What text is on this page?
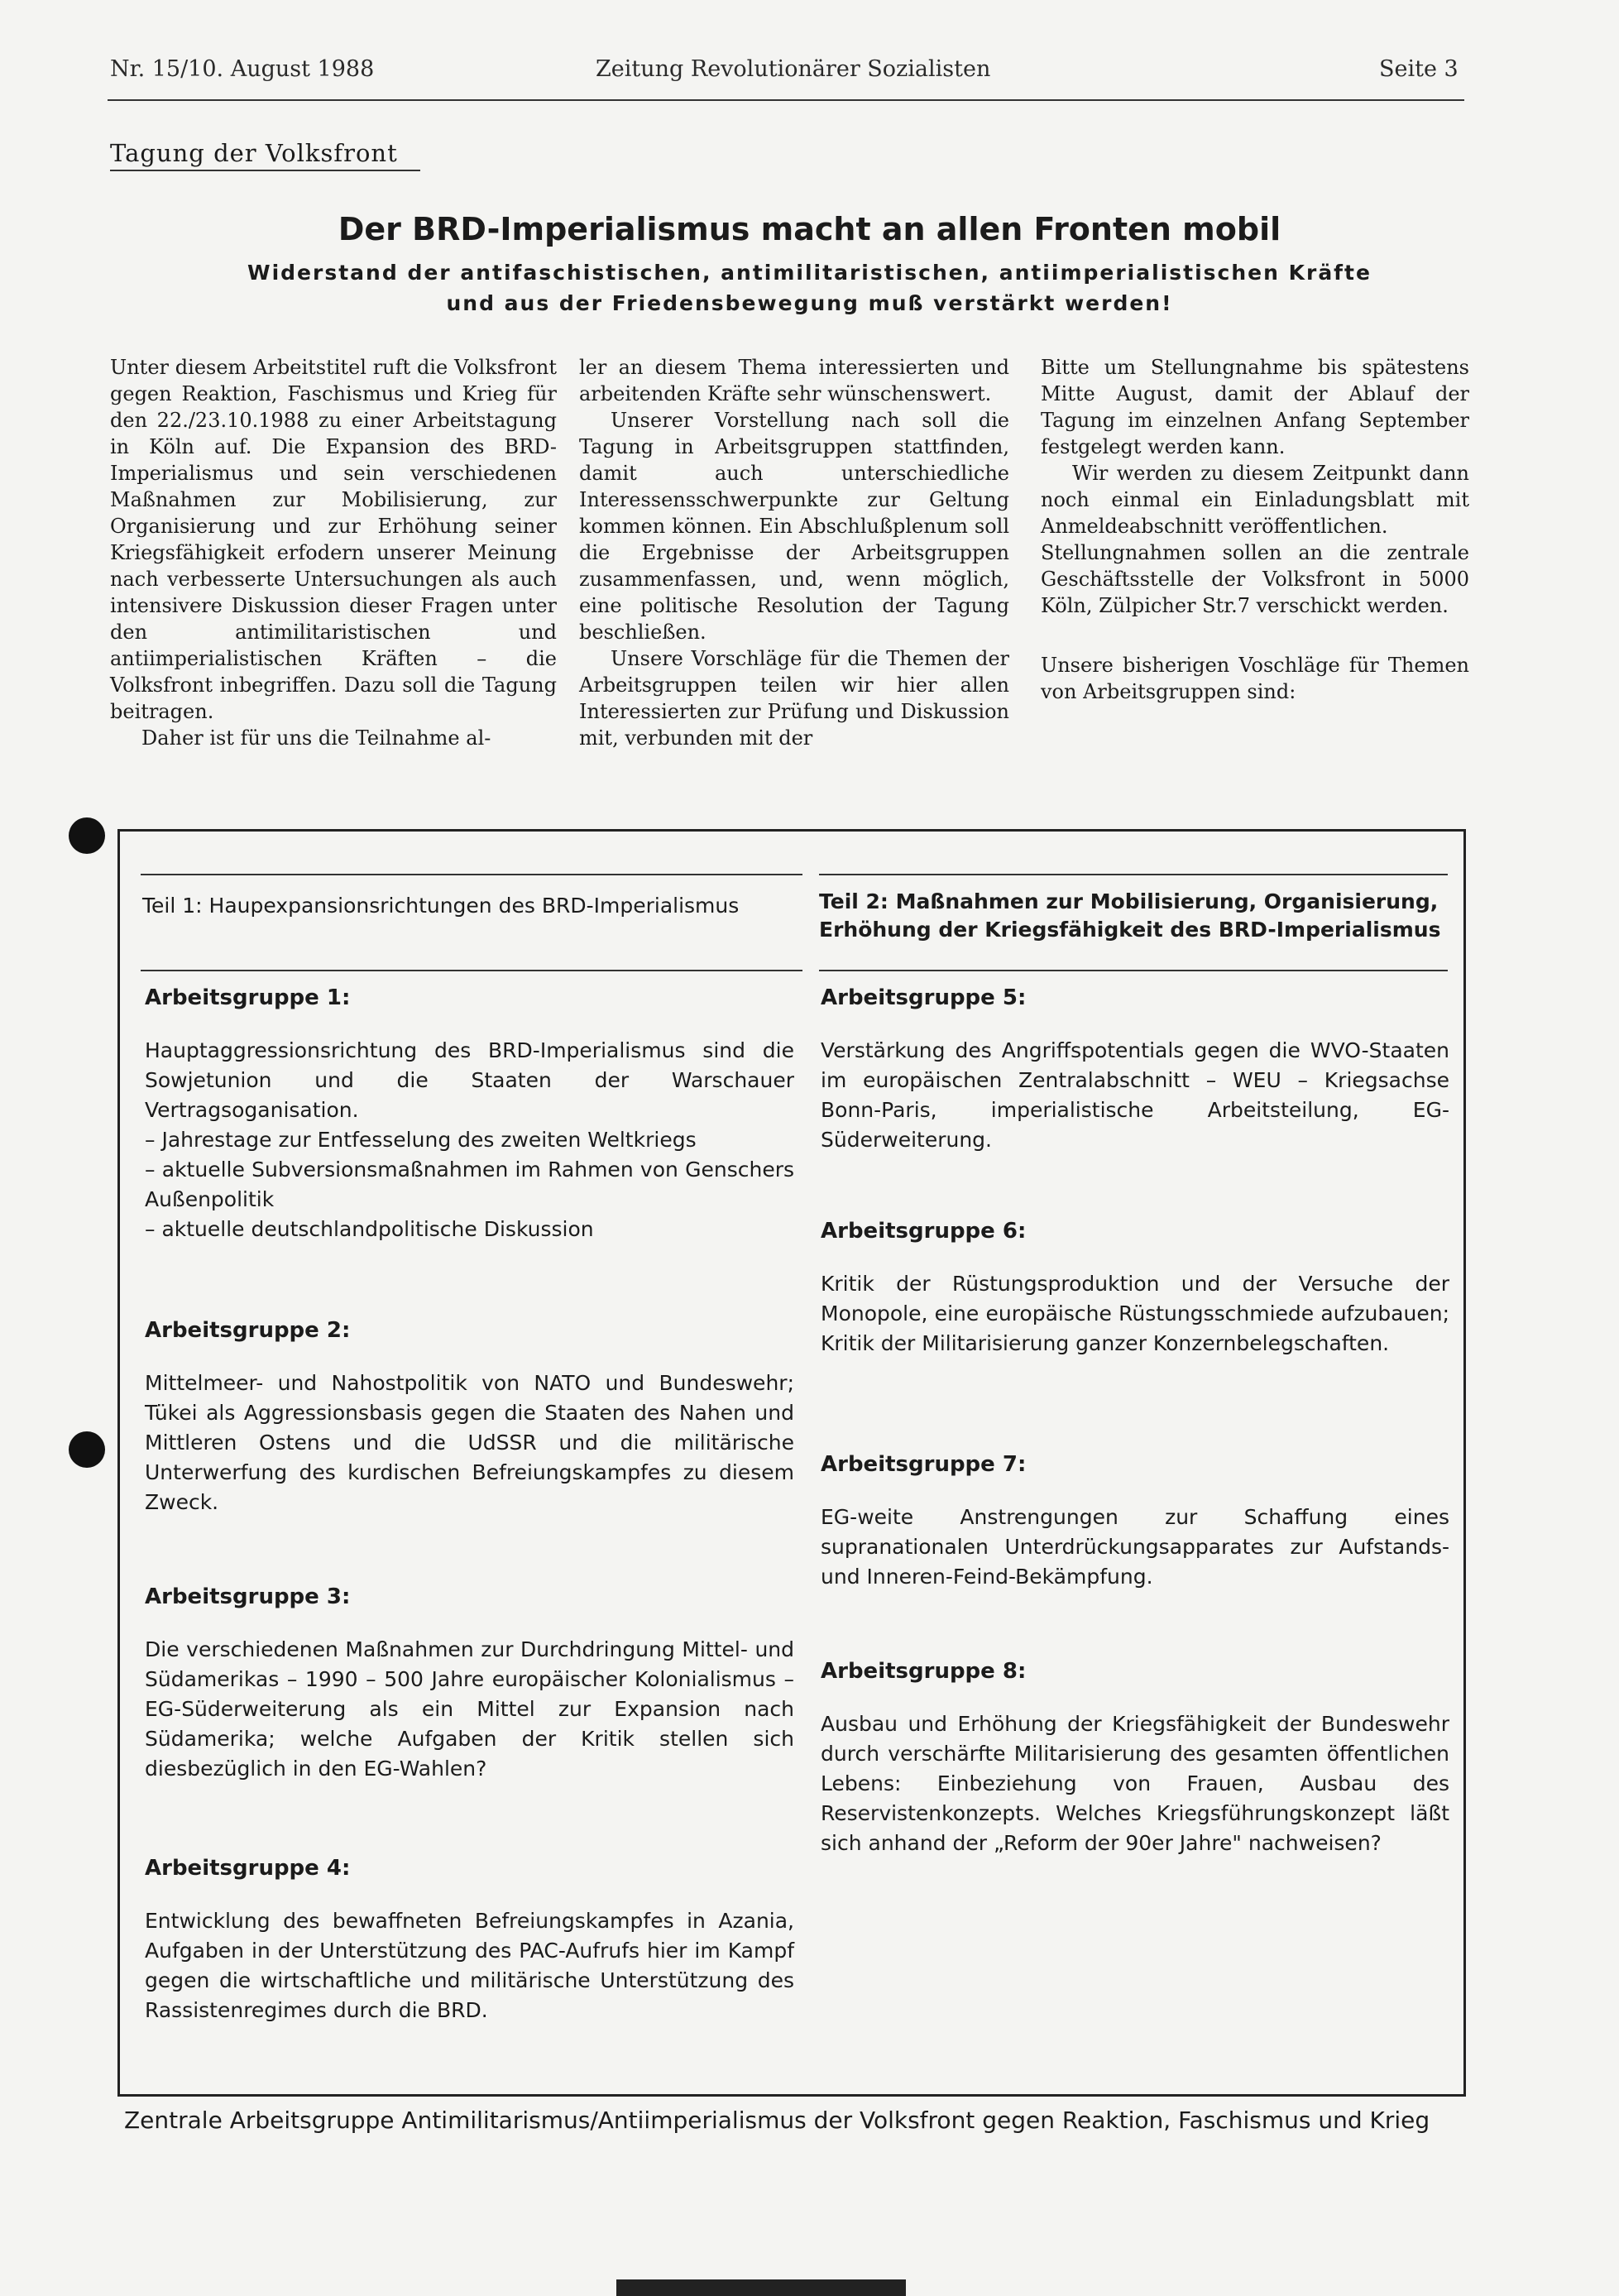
Nr. 15/10. August 1988	Zeitung Revolutionärer Sozialisten	Seite 3
Tagung der Volksfront
Der BRD-Imperialismus macht an allen Fronten mobil
Widerstand der antifaschistischen, antimilitaristischen, antiimperialistischen Kräfte
und aus der Friedensbewegung muß verstärkt werden!

Unter diesem Arbeitstitel ruft die Volksfront gegen Reaktion, Faschismus und Krieg für den 22./23.10.1988 zu einer Arbeitstagung in Köln auf. Die Expansion des BRD-Imperialismus und sein verschiedenen Maßnahmen zur Mobilisierung, zur Organisierung und zur Erhöhung seiner Kriegsfähigkeit erfodern unserer Meinung nach verbesserte Untersuchungen als auch intensivere Diskussion dieser Fragen unter den antimilitaristischen und antiimperialistischen Kräften – die Volksfront inbegriffen. Dazu soll die Tagung beitragen.

Daher ist für uns die Teilnahme al-

ler an diesem Thema interessierten und arbeitenden Kräfte sehr wünschenswert.

Unserer Vorstellung nach soll die Tagung in Arbeitsgruppen stattfinden, damit auch unterschiedliche Interessensschwerpunkte zur Geltung kommen können. Ein Abschlußplenum soll die Ergebnisse der Arbeitsgruppen zusammenfassen, und, wenn möglich, eine politische Resolution der Tagung beschließen.

Unsere Vorschläge für die Themen der Arbeitsgruppen teilen wir hier allen Interessierten zur Prüfung und Diskussion mit, verbunden mit der

Bitte um Stellungnahme bis spätestens Mitte August, damit der Ablauf der Tagung im einzelnen Anfang September festgelegt werden kann.

Wir werden zu diesem Zeitpunkt dann noch einmal ein Einladungsblatt mit Anmeldeabschnitt veröffentlichen.

Stellungnahmen sollen an die zentrale Geschäftsstelle der Volksfront in 5000 Köln, Zülpicher Str.7 verschickt werden.

Unsere bisherigen Voschläge für Themen von Arbeitsgruppen sind:

Teil 1: Haupexpansionsrichtungen des BRD-Imperialismus	Teil 2: Maßnahmen zur Mobilisierung, Organisierung, Erhöhung der Kriegsfähigkeit des BRD-Imperialismus
Arbeitsgruppe 1:

Hauptaggressionsrichtung des BRD-Imperialismus sind die Sowjetunion und die Staaten der Warschauer Vertragsoganisation.

– Jahrestage zur Entfesselung des zweiten Weltkriegs

– aktuelle Subversionsmaßnahmen im Rahmen von Genschers Außenpolitik

– aktuelle deutschlandpolitische Diskussion

Arbeitsgruppe 2:

Mittelmeer- und Nahostpolitik von NATO und Bundeswehr; Tükei als Aggressionsbasis gegen die Staaten des Nahen und Mittleren Ostens und die UdSSR und die militärische Unterwerfung des kurdischen Befreiungskampfes zu diesem Zweck.

Arbeitsgruppe 3:

Die verschiedenen Maßnahmen zur Durchdringung Mittel- und Südamerikas – 1990 – 500 Jahre europäischer Kolonialismus – EG-Süderweiterung als ein Mittel zur Expansion nach Südamerika; welche Aufgaben der Kritik stellen sich diesbezüglich in den EG-Wahlen?

Arbeitsgruppe 4:

Entwicklung des bewaffneten Befreiungskampfes in Azania, Aufgaben in der Unterstützung des PAC-Aufrufs hier im Kampf gegen die wirtschaftliche und militärische Unterstützung des Rassistenregimes durch die BRD.

Arbeitsgruppe 5:

Verstärkung des Angriffspotentials gegen die WVO-Staaten im europäischen Zentralabschnitt – WEU – Kriegsachse Bonn-Paris, imperialistische Arbeitsteilung, EG-Süderweiterung.

Arbeitsgruppe 6:

Kritik der Rüstungsproduktion und der Versuche der Monopole, eine europäische Rüstungsschmiede aufzubauen; Kritik der Militarisierung ganzer Konzernbelegschaften.

Arbeitsgruppe 7:

EG-weite Anstrengungen zur Schaffung eines supranationalen Unterdrückungsapparates zur Aufstands- und Inneren-Feind-Bekämpfung.

Arbeitsgruppe 8:

Ausbau und Erhöhung der Kriegsfähigkeit der Bundeswehr durch verschärfte Militarisierung des gesamten öffentlichen Lebens: Einbeziehung von Frauen, Ausbau des Reservistenkonzepts. Welches Kriegsführungskonzept läßt sich anhand der „Reform der 90er Jahre" nachweisen?

Zentrale Arbeitsgruppe Antimilitarismus/Antiimperialismus der Volksfront gegen Reaktion, Faschismus und Krieg
